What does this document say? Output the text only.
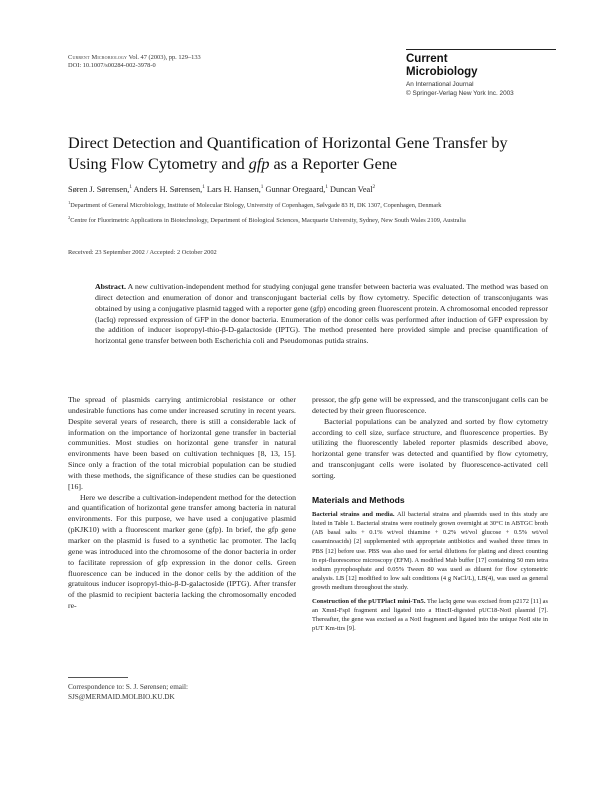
Current Microbiology Vol. 47 (2003), pp. 129–133
DOI: 10.1007/s00284-002-3978-0
Current
Microbiology
An International Journal
© Springer-Verlag New York Inc. 2003
Direct Detection and Quantification of Horizontal Gene Transfer by Using Flow Cytometry and gfp as a Reporter Gene
Søren J. Sørensen,$^1$ Anders H. Sørensen,$^1$ Lars H. Hansen,$^1$ Gunnar Oregaard,$^1$ Duncan Veal$^2$
$^1$Department of General Microbiology, Institute of Molecular Biology, University of Copenhagen, Sølvgade 83 H, DK 1307, Copenhagen, Denmark
$^2$Centre for Fluorimetric Applications in Biotechnology, Department of Biological Sciences, Macquarie University, Sydney, New South Wales 2109, Australia
Received: 23 September 2002 / Accepted: 2 October 2002
Abstract. A new cultivation-independent method for studying conjugal gene transfer between bacteria was evaluated. The method was based on direct detection and enumeration of donor and transconjugant bacterial cells by flow cytometry. Specific detection of transconjugants was obtained by using a conjugative plasmid tagged with a reporter gene (gfp) encoding green fluorescent protein. A chromosomal encoded repressor (lacIq) repressed expression of GFP in the donor bacteria. Enumeration of the donor cells was performed after induction of GFP expression by the addition of inducer isopropyl-thio-β-D-galactoside (IPTG). The method presented here provided simple and precise quantification of horizontal gene transfer between both Escherichia coli and Pseudomonas putida strains.

The spread of plasmids carrying antimicrobial resistance or other undesirable functions has come under increased scrutiny in recent years. Despite several years of research, there is still a considerable lack of information on the importance of horizontal gene transfer in bacterial communities. Most studies on horizontal gene transfer in natural environments have been based on cultivation techniques [8, 13, 15]. Since only a fraction of the total microbial population can be studied with these methods, the significance of these studies can be questioned [16].

Here we describe a cultivation-independent method for the detection and quantification of horizontal gene transfer among bacteria in natural environments. For this purpose, we have used a conjugative plasmid (pKJK10) with a fluorescent marker gene (gfp). In brief, the gfp gene marker on the plasmid is fused to a synthetic lac promoter. The lacIq gene was introduced into the chromosome of the donor bacteria in order to facilitate repression of gfp expression in the donor cells. Green fluorescence can be induced in the donor cells by the addition of the gratuitous inducer isopropyl-thio-β-D-galactoside (IPTG). After transfer of the plasmid to recipient bacteria lacking the chromosomally encoded re-

Correspondence to: S. J. Sørensen; email: SJS@MERMAID.MOLBIO.KU.DK

pressor, the gfp gene will be expressed, and the transconjugant cells can be detected by their green fluorescence.

Bacterial populations can be analyzed and sorted by flow cytometry according to cell size, surface structure, and fluorescence properties. By utilizing the fluorescently labeled reporter plasmids described above, horizontal gene transfer was detected and quantified by flow cytometry, and transconjugant cells were isolated by fluorescence-activated cell sorting.

Materials and Methods

Bacterial strains and media. All bacterial strains and plasmids used in this study are listed in Table 1. Bacterial strains were routinely grown overnight at 30°C in ABTGC broth (AB basal salts + 0.1% wt/vol thiamine + 0.2% wt/vol glucose + 0.5% wt/vol casaminoacids) [2] supplemented with appropriate antibiotics and washed three times in PBS [12] before use. PBS was also used for serial dilutions for plating and direct counting in epi-fluorescence microscopy (EFM). A modified Mab buffer [17] containing 50 mm tetra sodium pyrophosphate and 0.05% Tween 80 was used as diluent for flow cytometric analysis. LB [12] modified to low salt conditions (4 g NaCl/L), LB(4), was used as general growth medium throughout the study.

Construction of the pUTPlacI mini-Tn5. The lacIq gene was excised from p2172 [11] as an XmnI-FspI fragment and ligated into a HincII-digested pUC18-NotI plasmid [7]. Thereafter, the gene was excised as a NotI fragment and ligated into the unique NotI site in pUT Km-ttrs [9].
